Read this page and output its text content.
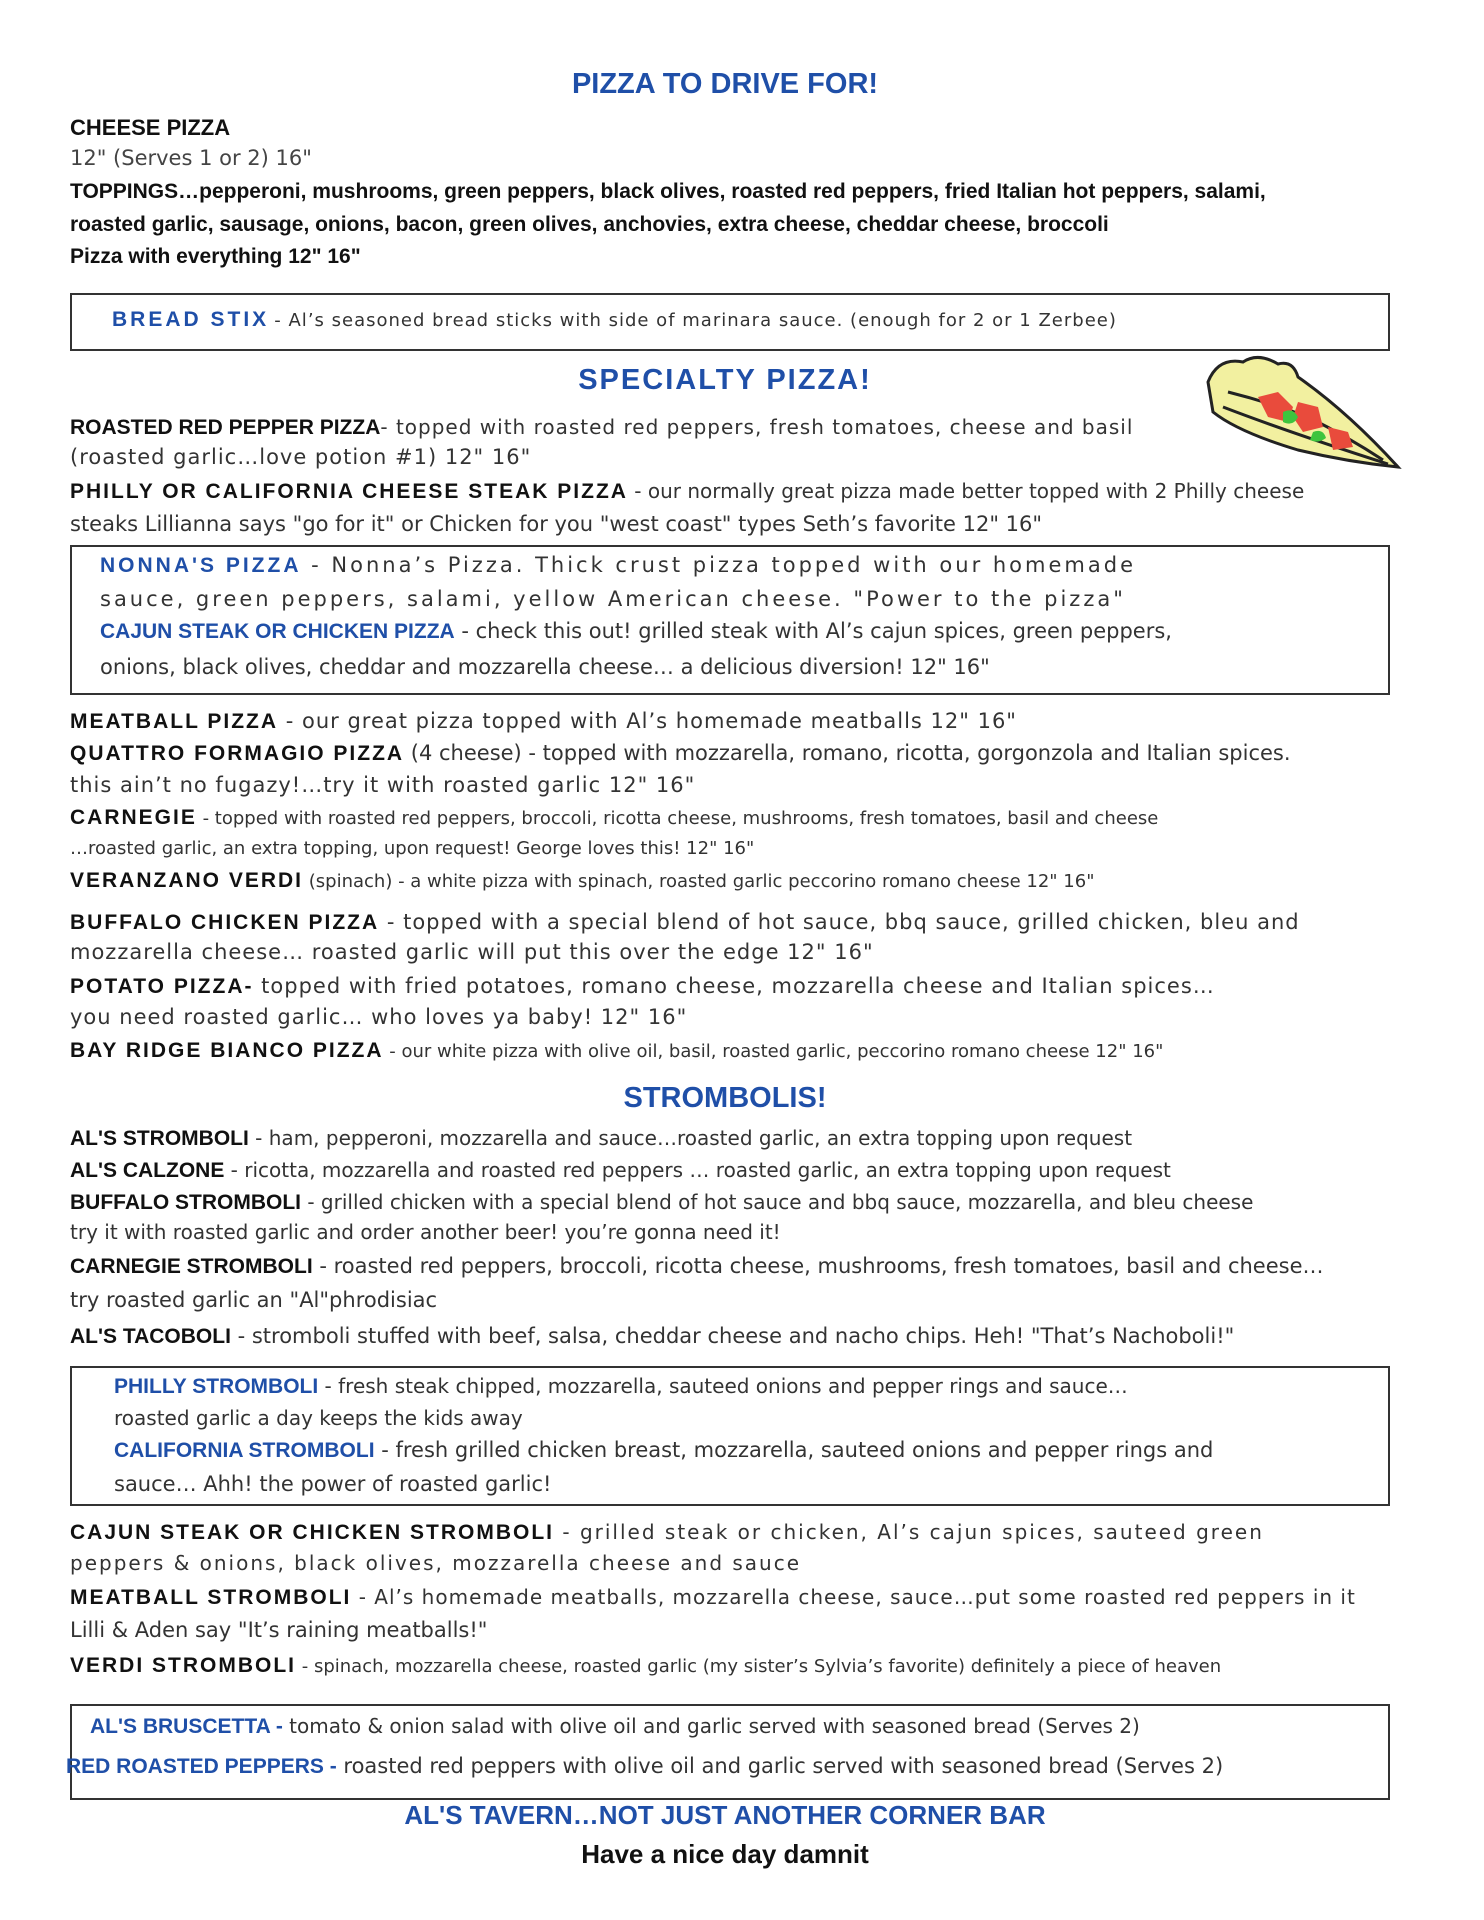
PIZZA TO DRIVE FOR!
CHEESE PIZZA
12" (Serves 1 or 2) 16"
TOPPINGS…pepperoni, mushrooms, green peppers, black olives, roasted red peppers, fried Italian hot peppers, salami,
roasted garlic, sausage, onions, bacon, green olives, anchovies, extra cheese, cheddar cheese, broccoli
Pizza with everything 12" 16"
BREAD STIX - Al’s seasoned bread sticks with side of marinara sauce. (enough for 2 or 1 Zerbee)
SPECIALTY PIZZA!
ROASTED RED PEPPER PIZZA- topped with roasted red peppers, fresh tomatoes, cheese and basil
(roasted garlic…love potion #1) 12" 16"
PHILLY OR CALIFORNIA CHEESE STEAK PIZZA - our normally great pizza made better topped with 2 Philly cheese
steaks Lillianna says "go for it" or Chicken for you "west coast" types Seth’s favorite 12" 16"
NONNA'S PIZZA - Nonna’s Pizza. Thick crust pizza topped with our homemade
sauce, green peppers, salami, yellow American cheese. "Power to the pizza"
CAJUN STEAK OR CHICKEN PIZZA - check this out! grilled steak with Al’s cajun spices, green peppers,
onions, black olives, cheddar and mozzarella cheese… a delicious diversion! 12" 16"
MEATBALL PIZZA - our great pizza topped with Al’s homemade meatballs 12" 16"
QUATTRO FORMAGIO PIZZA (4 cheese) - topped with mozzarella, romano, ricotta, gorgonzola and Italian spices.
this ain’t no fugazy!…try it with roasted garlic 12" 16"
CARNEGIE - topped with roasted red peppers, broccoli, ricotta cheese, mushrooms, fresh tomatoes, basil and cheese
…roasted garlic, an extra topping, upon request! George loves this! 12" 16"
VERANZANO VERDI (spinach) - a white pizza with spinach, roasted garlic peccorino romano cheese 12" 16"
BUFFALO CHICKEN PIZZA - topped with a special blend of hot sauce, bbq sauce, grilled chicken, bleu and
mozzarella cheese… roasted garlic will put this over the edge 12" 16"
POTATO PIZZA- topped with fried potatoes, romano cheese, mozzarella cheese and Italian spices…
you need roasted garlic… who loves ya baby! 12" 16"
BAY RIDGE BIANCO PIZZA - our white pizza with olive oil, basil, roasted garlic, peccorino romano cheese 12" 16"
STROMBOLIS!
AL'S STROMBOLI - ham, pepperoni, mozzarella and sauce…roasted garlic, an extra topping upon request
AL'S CALZONE - ricotta, mozzarella and roasted red peppers … roasted garlic, an extra topping upon request
BUFFALO STROMBOLI - grilled chicken with a special blend of hot sauce and bbq sauce, mozzarella, and bleu cheese
try it with roasted garlic and order another beer! you’re gonna need it!
CARNEGIE STROMBOLI - roasted red peppers, broccoli, ricotta cheese, mushrooms, fresh tomatoes, basil and cheese…
try roasted garlic an "Al"phrodisiac
AL'S TACOBOLI - stromboli stuffed with beef, salsa, cheddar cheese and nacho chips. Heh! "That’s Nachoboli!"
PHILLY STROMBOLI - fresh steak chipped, mozzarella, sauteed onions and pepper rings and sauce…
roasted garlic a day keeps the kids away
CALIFORNIA STROMBOLI - fresh grilled chicken breast, mozzarella, sauteed onions and pepper rings and
sauce… Ahh! the power of roasted garlic!
CAJUN STEAK OR CHICKEN STROMBOLI - grilled steak or chicken, Al’s cajun spices, sauteed green
peppers & onions, black olives, mozzarella cheese and sauce
MEATBALL STROMBOLI - Al’s homemade meatballs, mozzarella cheese, sauce…put some roasted red peppers in it
Lilli & Aden say "It’s raining meatballs!"
VERDI STROMBOLI - spinach, mozzarella cheese, roasted garlic (my sister’s Sylvia’s favorite) definitely a piece of heaven
AL'S BRUSCETTA - tomato & onion salad with olive oil and garlic served with seasoned bread (Serves 2)
RED ROASTED PEPPERS - roasted red peppers with olive oil and garlic served with seasoned bread (Serves 2)
AL'S TAVERN…NOT JUST ANOTHER CORNER BAR
Have a nice day damnit
